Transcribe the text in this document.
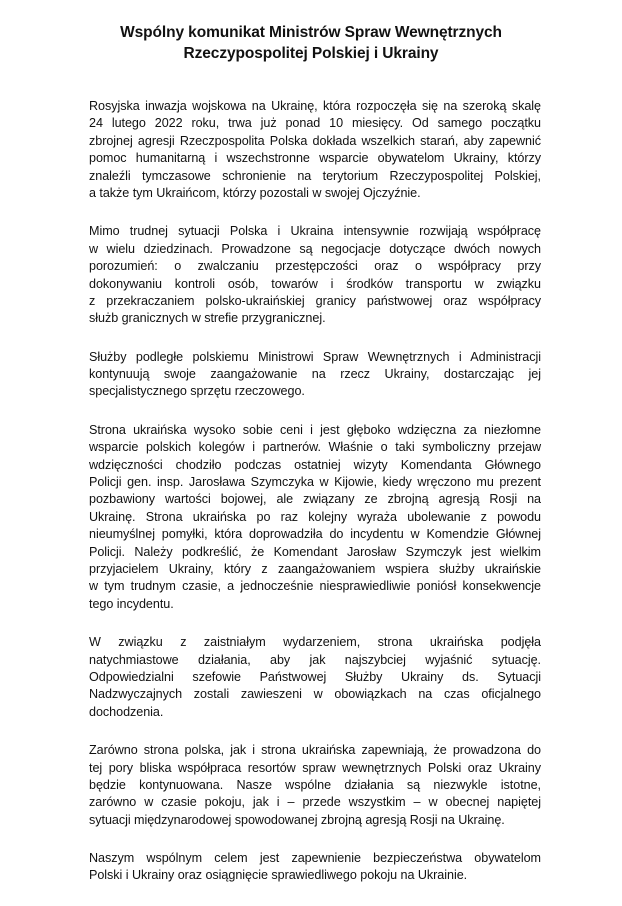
Wspólny komunikat Ministrów Spraw Wewnętrznych
Rzeczypospolitej Polskiej i Ukrainy
Rosyjska inwazja wojskowa na Ukrainę, która rozpoczęła się na szeroką skalę
24 lutego 2022 roku, trwa już ponad 10 miesięcy. Od samego początku
zbrojnej agresji Rzeczpospolita Polska dokłada wszelkich starań, aby zapewnić
pomoc humanitarną i wszechstronne wsparcie obywatelom Ukrainy, którzy
znaleźli tymczasowe schronienie na terytorium Rzeczypospolitej Polskiej,
a także tym Ukraińcom, którzy pozostali w swojej Ojczyźnie.
Mimo trudnej sytuacji Polska i Ukraina intensywnie rozwijają współpracę
w wielu dziedzinach. Prowadzone są negocjacje dotyczące dwóch nowych
porozumień: o zwalczaniu przestępczości oraz o współpracy przy
dokonywaniu kontroli osób, towarów i środków transportu w związku
z przekraczaniem polsko-ukraińskiej granicy państwowej oraz współpracy
służb granicznych w strefie przygranicznej.
Służby podległe polskiemu Ministrowi Spraw Wewnętrznych i Administracji
kontynuują swoje zaangażowanie na rzecz Ukrainy, dostarczając jej
specjalistycznego sprzętu rzeczowego.
Strona ukraińska wysoko sobie ceni i jest głęboko wdzięczna za niezłomne
wsparcie polskich kolegów i partnerów. Właśnie o taki symboliczny przejaw
wdzięczności chodziło podczas ostatniej wizyty Komendanta Głównego
Policji gen. insp. Jarosława Szymczyka w Kijowie, kiedy wręczono mu prezent
pozbawiony wartości bojowej, ale związany ze zbrojną agresją Rosji na
Ukrainę. Strona ukraińska po raz kolejny wyraża ubolewanie z powodu
nieumyślnej pomyłki, która doprowadziła do incydentu w Komendzie Głównej
Policji. Należy podkreślić, że Komendant Jarosław Szymczyk jest wielkim
przyjacielem Ukrainy, który z zaangażowaniem wspiera służby ukraińskie
w tym trudnym czasie, a jednocześnie niesprawiedliwie poniósł konsekwencje
tego incydentu.
W związku z zaistniałym wydarzeniem, strona ukraińska podjęła
natychmiastowe działania, aby jak najszybciej wyjaśnić sytuację.
Odpowiedzialni szefowie Państwowej Służby Ukrainy ds. Sytuacji
Nadzwyczajnych zostali zawieszeni w obowiązkach na czas oficjalnego
dochodzenia.
Zarówno strona polska, jak i strona ukraińska zapewniają, że prowadzona do
tej pory bliska współpraca resortów spraw wewnętrznych Polski oraz Ukrainy
będzie kontynuowana. Nasze wspólne działania są niezwykle istotne,
zarówno w czasie pokoju, jak i – przede wszystkim – w obecnej napiętej
sytuacji międzynarodowej spowodowanej zbrojną agresją Rosji na Ukrainę.
Naszym wspólnym celem jest zapewnienie bezpieczeństwa obywatelom
Polski i Ukrainy oraz osiągnięcie sprawiedliwego pokoju na Ukrainie.
